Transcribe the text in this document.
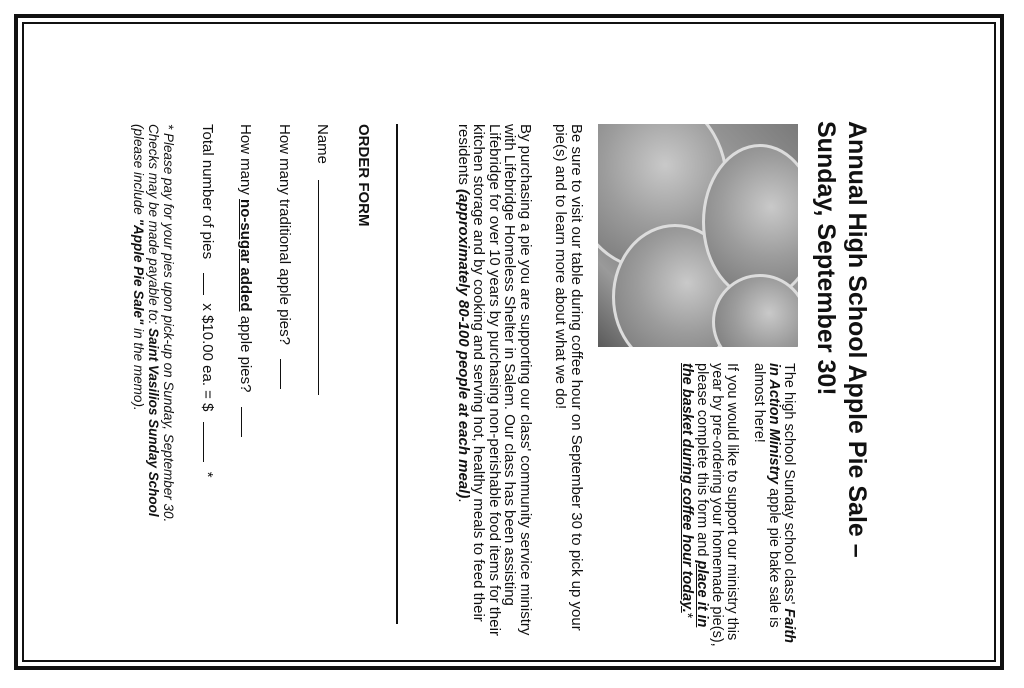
Annual High School Apple Pie Sale – Sunday, September 30!

The high school Sunday school class' Faith in Action Ministry apple pie bake sale is almost here!

If you would like to support our ministry this year by pre-ordering your homemade pie(s), please complete this form and place it in the basket during coffee hour today.*

Be sure to visit our table during coffee hour on September 30 to pick up your pie(s) and to learn more about what we do!

By purchasing a pie you are supporting our class' community service ministry with Lifebridge Homeless Shelter in Salem. Our class has been assisting Lifebridge for over 10 years by purchasing non-perishable food items for their kitchen storage and by cooking and serving hot, healthy meals to feed their residents (approximately 80-100 people at each meal).

ORDER FORM

Name
How many traditional apple pies?
How many no-sugar added apple pies?
Total number of pies  x $10.00 ea. = $  *
* Please pay for your pies upon pick-up on Sunday, September 30.
Checks may be made payable to: Saint Vasilios Sunday School
(please include "Apple Pie Sale" in the memo).
